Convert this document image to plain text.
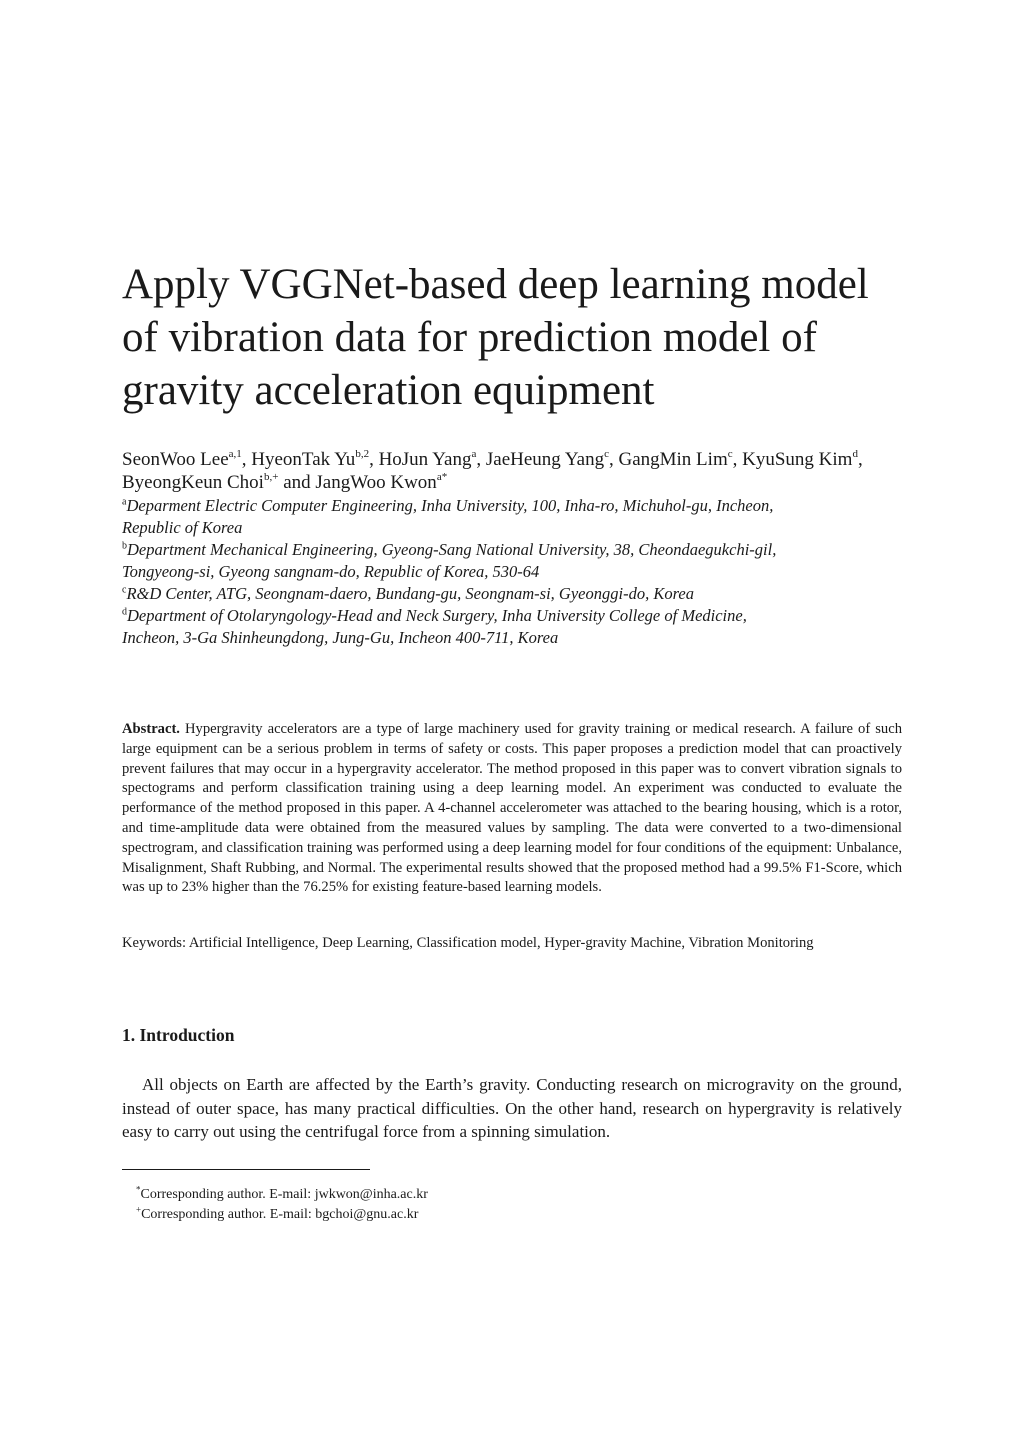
Apply VGGNet-based deep learning model
of vibration data for prediction model of
gravity acceleration equipment
SeonWoo Lee$^{a,1}$, HyeonTak Yu$^{b,2}$, HoJun Yang$^a$, JaeHeung Yang$^c$, GangMin Lim$^c$, KyuSung Kim$^d$, ByeongKeun Choi$^{b,+}$ and JangWoo Kwon$^{a*}$
$^a$Deparment Electric Computer Engineering, Inha University, 100, Inha-ro, Michuhol-gu, Incheon,
Republic of Korea
$^b$Department Mechanical Engineering, Gyeong-Sang National University, 38, Cheondaegukchi-gil,
Tongyeong-si, Gyeong sangnam-do, Republic of Korea, 530-64
$^c$R&D Center, ATG, Seongnam-daero, Bundang-gu, Seongnam-si, Gyeonggi-do, Korea
$^d$Department of Otolaryngology-Head and Neck Surgery, Inha University College of Medicine,
Incheon, 3-Ga Shinheungdong, Jung-Gu, Incheon 400-711, Korea

Abstract. Hypergravity accelerators are a type of large machinery used for gravity training or medical research. A failure of such large equipment can be a serious problem in terms of safety or costs. This paper proposes a prediction model that can proactively prevent failures that may occur in a hypergravity accelerator. The method proposed in this paper was to convert vibration signals to spectograms and perform classification training using a deep learning model. An experiment was conducted to evaluate the performance of the method proposed in this paper. A 4-channel accelerometer was attached to the bearing housing, which is a rotor, and time-amplitude data were obtained from the measured values by sampling. The data were converted to a two-dimensional spectrogram, and classification training was performed using a deep learning model for four conditions of the equipment: Unbalance, Misalignment, Shaft Rubbing, and Normal. The experimental results showed that the proposed method had a 99.5% F1-Score, which was up to 23% higher than the 76.25% for existing feature-based learning models.

Keywords: Artificial Intelligence, Deep Learning, Classification model, Hyper-gravity Machine, Vibration Monitoring
1. Introduction

All objects on Earth are affected by the Earth’s gravity. Conducting research on microgravity on the ground, instead of outer space, has many practical difficulties. On the other hand, research on hypergravity is relatively easy to carry out using the centrifugal force from a spinning simulation.

*Corresponding author. E-mail: jwkwon@inha.ac.kr
+Corresponding author. E-mail: bgchoi@gnu.ac.kr
